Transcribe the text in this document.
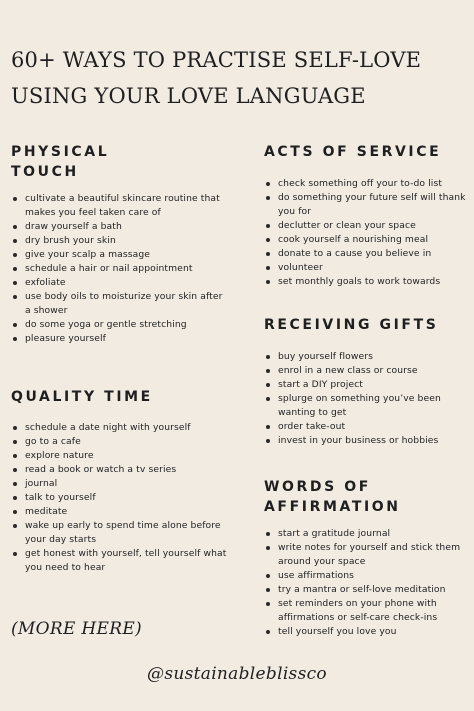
60+ WAYS TO PRACTISE SELF-LOVE
USING YOUR LOVE LANGUAGE
PHYSICAL
TOUCH
cultivate a beautiful skincare routine that makes you feel taken care of
draw yourself a bath
dry brush your skin
give your scalp a massage
schedule a hair or nail appointment
exfoliate
use body oils to moisturize your skin after a shower
do some yoga or gentle stretching
pleasure yourself
QUALITY TIME
schedule a date night with yourself
go to a cafe
explore nature
read a book or watch a tv series
journal
talk to yourself
meditate
wake up early to spend time alone before your day starts
get honest with yourself, tell yourself what you need to hear
ACTS OF SERVICE
check something off your to-do list
do something your future self will thank you for
declutter or clean your space
cook yourself a nourishing meal
donate to a cause you believe in
volunteer
set monthly goals to work towards
RECEIVING GIFTS
buy yourself flowers
enrol in a new class or course
start a DIY project
splurge on something you’ve been wanting to get
order take-out
invest in your business or hobbies
WORDS OF
AFFIRMATION
start a gratitude journal
write notes for yourself and stick them around your space
use affirmations
try a mantra or self-love meditation
set reminders on your phone with affirmations or self-care check-ins
tell yourself you love you

(MORE HERE)

@sustainableblissco
